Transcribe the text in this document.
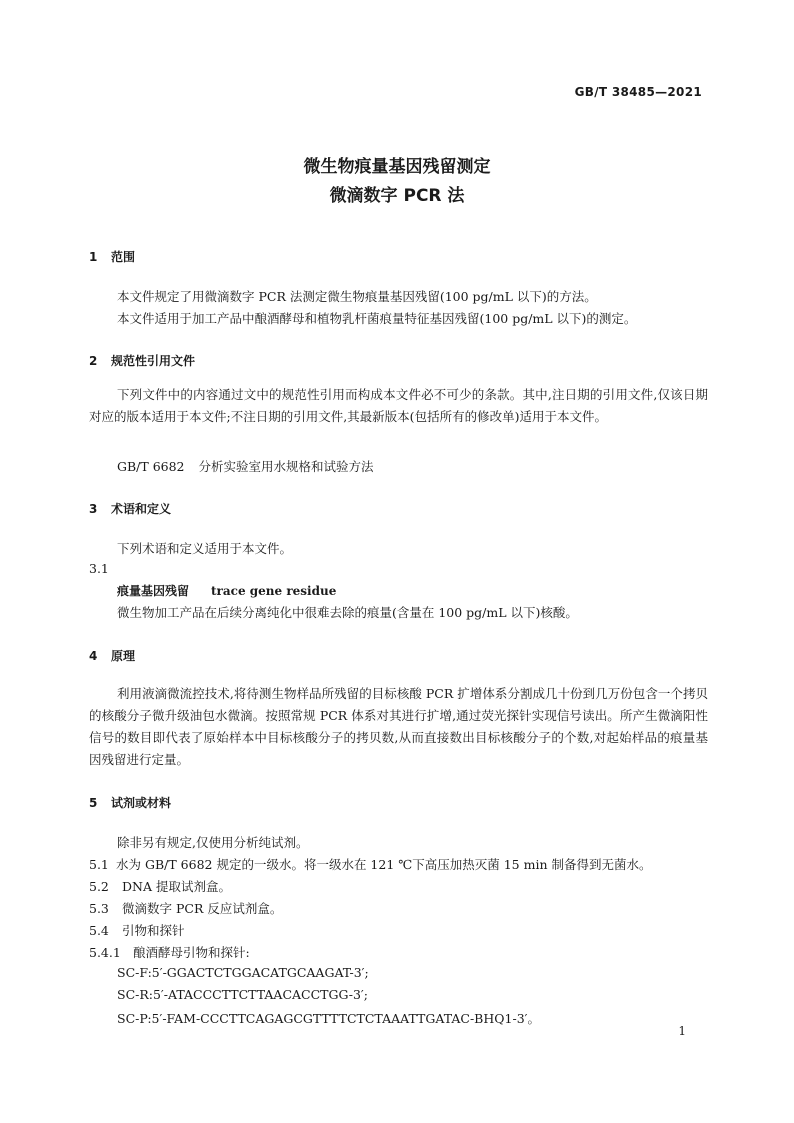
GB/T 38485—2021
微生物痕量基因残留测定
微滴数字 PCR 法
1 范围
本文件规定了用微滴数字 PCR 法测定微生物痕量基因残留(100 pg/mL 以下)的方法。
本文件适用于加工产品中酿酒酵母和植物乳杆菌痕量特征基因残留(100 pg/mL 以下)的测定。
2 规范性引用文件
下列文件中的内容通过文中的规范性引用而构成本文件必不可少的条款。其中,注日期的引用文件,仅该日期对应的版本适用于本文件;不注日期的引用文件,其最新版本(包括所有的修改单)适用于本文件。
GB/T 6682 分析实验室用水规格和试验方法
3 术语和定义
下列术语和定义适用于本文件。
3.1
痕量基因残留 trace gene residue
微生物加工产品在后续分离纯化中很难去除的痕量(含量在 100 pg/mL 以下)核酸。
4 原理
利用液滴微流控技术,将待测生物样品所残留的目标核酸 PCR 扩增体系分割成几十份到几万份包含一个拷贝的核酸分子微升级油包水微滴。按照常规 PCR 体系对其进行扩增,通过荧光探针实现信号读出。所产生微滴阳性信号的数目即代表了原始样本中目标核酸分子的拷贝数,从而直接数出目标核酸分子的个数,对起始样品的痕量基因残留进行定量。
5 试剂或材料
除非另有规定,仅使用分析纯试剂。
5.1 水为 GB/T 6682 规定的一级水。将一级水在 121 ℃下高压加热灭菌 15 min 制备得到无菌水。
5.2 DNA 提取试剂盒。
5.3 微滴数字 PCR 反应试剂盒。
5.4 引物和探针
5.4.1 酿酒酵母引物和探针:
SC-F:5′-GGACTCTGGACATGCAAGAT-3′;
SC-R:5′-ATACCCTTCTTAACACCTGG-3′;
SC-P:5′-FAM-CCCTTCAGAGCGTTTTCTCTAAATTGATAC-BHQ1-3′。
1
